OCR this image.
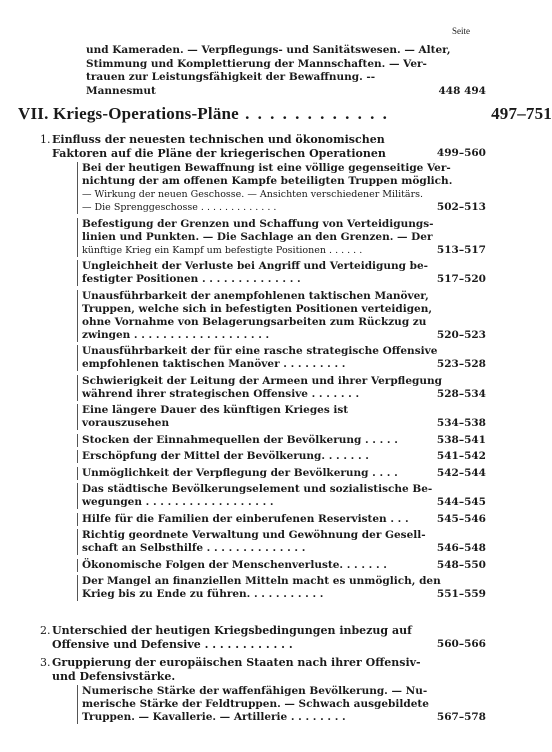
Seite
und Kameraden. — Verpflegungs- und Sanitätswesen. — Alter,
Stimmung und Komplettierung der Mannschaften. — Ver-
trauen zur Leistungsfähigkeit der Bewaffnung. -- Mannesmut	448 494
VII. Kriegs-Operations-Pläne . . . . . . . . . . . .	497–751
1. Einfluss der neuesten technischen und ökonomischen
Faktoren auf die Pläne der kriegerischen Operationen	499–560
Bei der heutigen Bewaffnung ist eine völlige gegenseitige Ver-
nichtung der am offenen Kampfe beteiligten Truppen möglich.
— Wirkung der neuen Geschosse. — Ansichten verschiedener Militärs.
— Die Sprenggeschosse . . . . . . . . . . . . .	502–513
Befestigung der Grenzen und Schaffung von Verteidigungs-
linien und Punkten. — Die Sachlage an den Grenzen. — Der
künftige Krieg ein Kampf um befestigte Positionen . . . . . .	513–517
Ungleichheit der Verluste bei Angriff und Verteidigung be-
festigter Positionen . . . . . . . . . . . . . .	517–520
Unausführbarkeit der anempfohlenen taktischen Manöver,
Truppen, welche sich in befestigten Positionen verteidigen,
ohne Vornahme von Belagerungsarbeiten zum Rückzug zu
zwingen . . . . . . . . . . . . . . . . . . .	520–523
Unausführbarkeit der für eine rasche strategische Offensive
empfohlenen taktischen Manöver . . . . . . . . .	523–528
Schwierigkeit der Leitung der Armeen und ihrer Verpflegung
während ihrer strategischen Offensive . . . . . . .	528–534
Eine längere Dauer des künftigen Krieges ist vorauszusehen	534–538
Stocken der Einnahmequellen der Bevölkerung . . . . .	538–541
Erschöpfung der Mittel der Bevölkerung. . . . . . .	541–542
Unmöglichkeit der Verpflegung der Bevölkerung . . . .	542–544
Das städtische Bevölkerungselement und sozialistische Be-
wegungen . . . . . . . . . . . . . . . . . .	544–545
Hilfe für die Familien der einberufenen Reservisten . . .	545–546
Richtig geordnete Verwaltung und Gewöhnung der Gesell-
schaft an Selbsthilfe . . . . . . . . . . . . . .	546–548
Ökonomische Folgen der Menschenverluste. . . . . . .	548–550
Der Mangel an finanziellen Mitteln macht es unmöglich, den
Krieg bis zu Ende zu führen. . . . . . . . . . .	551–559
2. Unterschied der heutigen Kriegsbedingungen inbezug auf
Offensive und Defensive . . . . . . . . . . . .	560–566
3. Gruppierung der europäischen Staaten nach ihrer Offensiv-
und Defensivstärke.
Numerische Stärke der waffenfähigen Bevölkerung. — Nu-
merische Stärke der Feldtruppen. — Schwach ausgebildete
Truppen. — Kavallerie. — Artillerie . . . . . . . .	567–578
